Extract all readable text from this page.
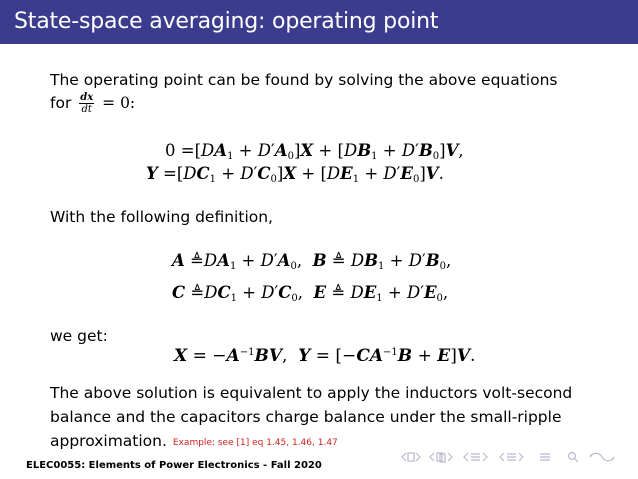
State-space averaging: operating point
The operating point can be found by solving the above equations
for $\frac{dx}{dt} = 0$:
$0 =[DA_1 + D'A_0]X + [DB_1 + D'B_0]V$,
$Y =[DC_1 + D'C_0]X + [DE_1 + D'E_0]V$.
With the following definition,
A $≜DA_1 + D'A_0$,  B ≜ $DB_1 + D'B_0$,
C $≜DC_1 + D'C_0$,  E ≜ $DE_1 + D'E_0$,
we get:
$X = -A^{-1}BV$,  $Y = [-CA^{-1}B + E]V$.
The above solution is equivalent to apply the inductors volt-second
balance and the capacitors charge balance under the small-ripple
approximation. Example: see [1] eq 1.45, 1.46, 1.47
ELEC0055: Elements of Power Electronics - Fall 2020
